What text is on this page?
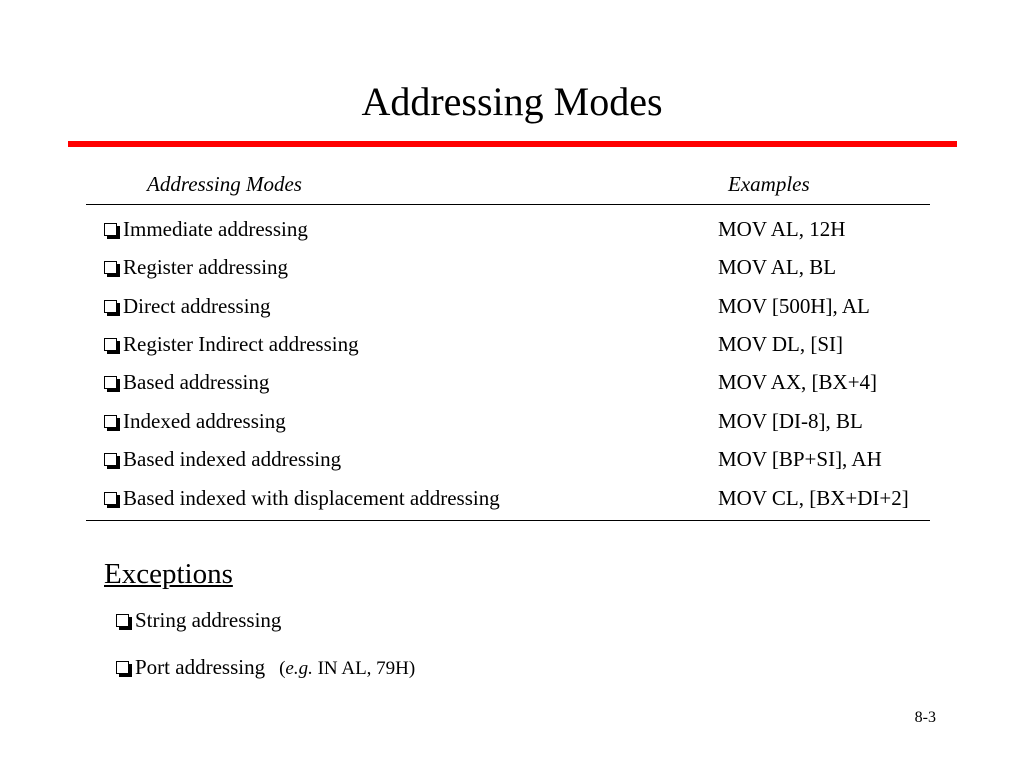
Addressing Modes
Addressing Modes	Examples
Immediate addressing	MOV AL, 12H
Register addressing	MOV AL, BL
Direct addressing	MOV [500H], AL
Register Indirect addressing	MOV DL, [SI]
Based addressing	MOV AX, [BX+4]
Indexed addressing	MOV [DI-8], BL
Based indexed addressing	MOV [BP+SI], AH
Based indexed with displacement addressing	MOV CL, [BX+DI+2]
Exceptions
String addressing
Port addressing (e.g. IN AL, 79H)
8-3
